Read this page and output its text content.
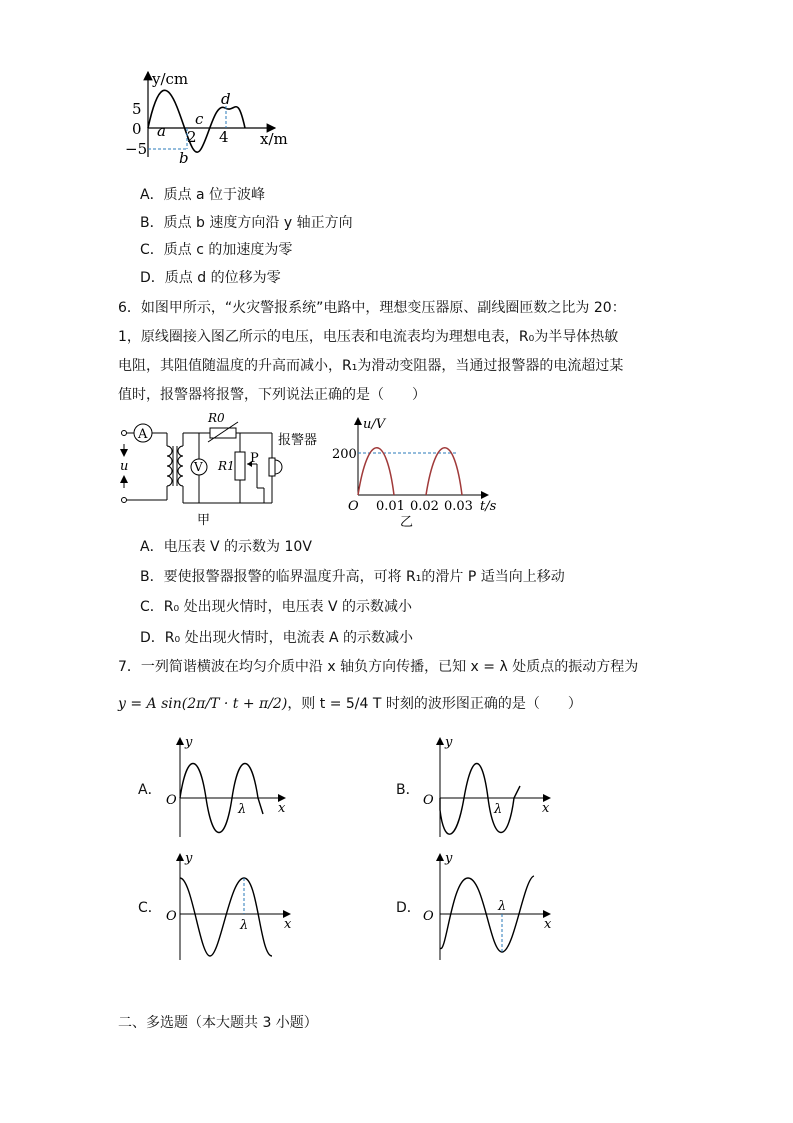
y/cm
x/m
5
0
−5
2 4
a
b
c
d
A．质点 a 位于波峰
B．质点 b 速度方向沿 y 轴正方向
C．质点 c 的加速度为零
D．质点 d 的位移为零
6．如图甲所示，“火灾警报系统”电路中，理想变压器原、副线圈匝数之比为 20：
1，原线圈接入图乙所示的电压，电压表和电流表均为理想电表，R₀为半导体热敏
电阻，其阻值随温度的升高而减小，R₁为滑动变阻器，当通过报警器的电流超过某
值时，报警器将报警，下列说法正确的是（　　）
A
V
R0
R1 P
u
报警器
甲
u/V
t/s
O
200
0.01 0.02 0.03
乙
A．电压表 V 的示数为 10V
B．要使报警器报警的临界温度升高，可将 R₁的滑片 P 适当向上移动
C．R₀ 处出现火情时，电压表 V 的示数减小
D．R₀ 处出现火情时，电流表 A 的示数减小
7．一列简谐横波在均匀介质中沿 x 轴负方向传播，已知 x = λ 处质点的振动方程为
y = A sin(2π/T · t + π/2)，则 t = 5/4 T 时刻的波形图正确的是（　　）
A．
y
x
O
λ
B．
y
x
O
λ
C．
y
x
O
λ
D．
y
x
O
λ
二、多选题（本大题共 3 小题）
